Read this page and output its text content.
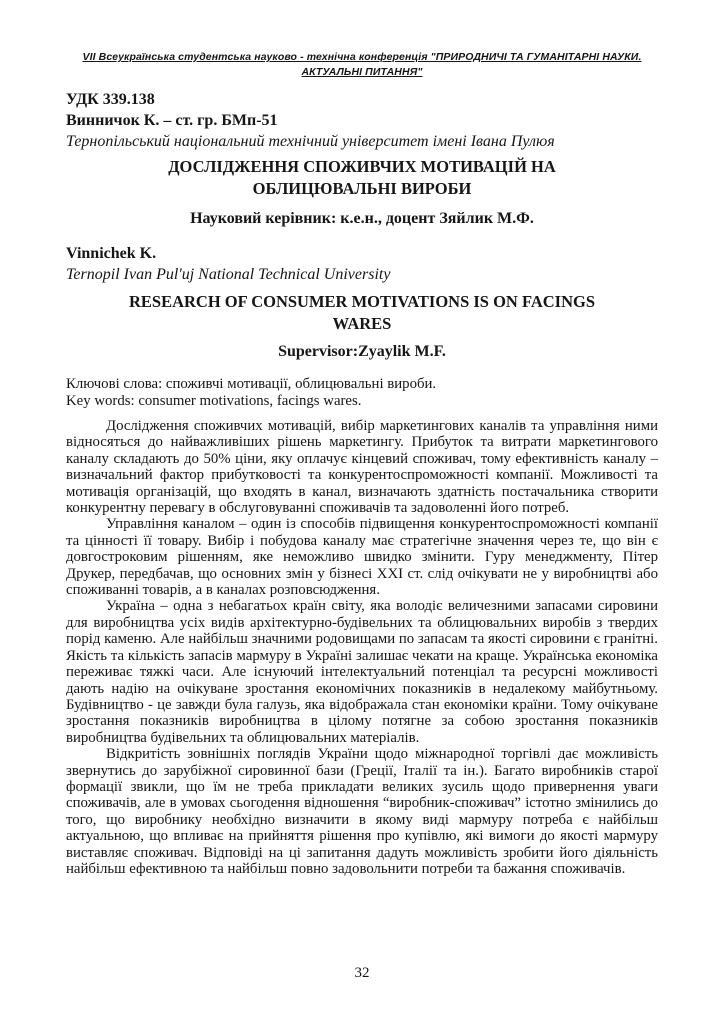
VII Всеукраїнська студентська науково - технічна конференція "ПРИРОДНИЧІ ТА ГУМАНІТАРНІ НАУКИ.
АКТУАЛЬНІ ПИТАННЯ"
УДК 339.138
Винничок К. – ст. гр. БМп-51
Тернопільський національний технічний університет імені Івана Пулюя
ДОСЛІДЖЕННЯ СПОЖИВЧИХ МОТИВАЦІЙ НА ОБЛИЦЮВАЛЬНІ ВИРОБИ
Науковий керівник: к.е.н., доцент Зяйлик М.Ф.
Vinnichek K.
Ternopil Ivan Pul'uj National Technical University
RESEARCH OF CONSUMER MOTIVATIONS IS ON FACINGS WARES
Supervisor:Zyaylik M.F.
Ключові слова: споживчі мотивації, облицювальні вироби.
Key words: consumer motivations, facings wares.

Дослідження споживчих мотивацій, вибір маркетингових каналів та управління ними відносяться до найважливіших рішень маркетингу. Прибуток та витрати маркетингового каналу складають до 50% ціни, яку оплачує кінцевий споживач, тому ефективність каналу – визначальний фактор прибутковості та конкурентоспроможності компанії. Можливості та мотивація організацій, що входять в канал, визначають здатність постачальника створити конкурентну перевагу в обслуговуванні споживачів та задоволенні його потреб.

Управління каналом – один із способів підвищення конкурентоспроможності компанії та цінності її товару. Вибір і побудова каналу має стратегічне значення через те, що він є довгостроковим рішенням, яке неможливо швидко змінити. Гуру менеджменту, Пітер Друкер, передбачав, що основних змін у бізнесі XXI ст. слід очікувати не у виробництві або споживанні товарів, а в каналах розповсюдження.

Україна – одна з небагатьох країн світу, яка володіє величезними запасами сировини для виробництва усіх видів архітектурно-будівельних та облицювальних виробів з твердих порід каменю. Але найбільш значними родовищами по запасам та якості сировини є гранітні. Якість та кількість запасів мармуру в Україні залишає чекати на краще. Українська економіка переживає тяжкі часи. Але існуючий інтелектуальний потенціал та ресурсні можливості дають надію на очікуване зростання економічних показників в недалекому майбутньому. Будівництво - це завжди була галузь, яка відображала стан економіки країни. Тому очікуване зростання показників виробництва в цілому потягне за собою зростання показників виробництва будівельних та облицювальних матеріалів.

Відкритість зовнішніх поглядів України щодо міжнародної торгівлі дає можливість звернутись до зарубіжної сировинної бази (Греції, Італії та ін.). Багато виробників старої формації звикли, що їм не треба прикладати великих зусиль щодо привернення уваги споживачів, але в умовах сьогодення відношення “виробник-споживач” істотно змінились до того, що виробнику необхідно визначити в якому виді мармуру потреба є найбільш актуальною, що впливає на прийняття рішення про купівлю, які вимоги до якості мармуру виставляє споживач. Відповіді на ці запитання дадуть можливість зробити його діяльність найбільш ефективною та найбільш повно задовольнити потреби та бажання споживачів.

32
